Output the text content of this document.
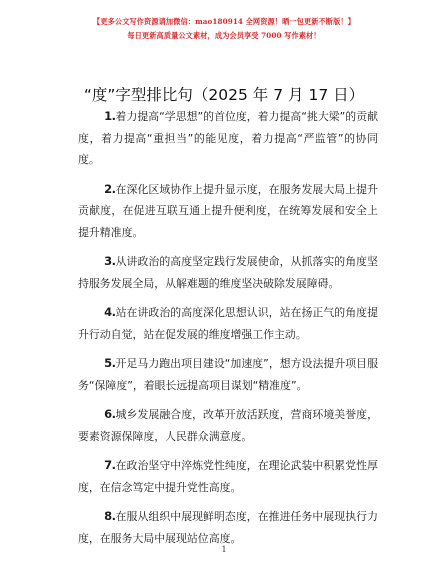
【更多公文写作资源请加微信：mao180914 全网资源！晒一包更新不断版！】
每日更新高质量公文素材，成为会员享受 7000 写作素材！
“度”字型排比句（2025 年 7 月 17 日）

1.着力提高“学思想”的首位度，着力提高“挑大梁”的贡献度，着力提高“重担当”的能见度，着力提高“严监管”的协同度。

2.在深化区域协作上提升显示度，在服务发展大局上提升贡献度，在促进互联互通上提升便利度，在统筹发展和安全上提升精准度。

3.从讲政治的高度坚定践行发展使命，从抓落实的角度坚持服务发展全局，从解难题的维度坚决破除发展障碍。

4.站在讲政治的高度深化思想认识，站在扬正气的角度提升行动自觉，站在促发展的维度增强工作主动。

5.开足马力跑出项目建设“加速度”，想方设法提升项目服务“保障度”，着眼长远提高项目谋划“精准度”。

6.城乡发展融合度，改革开放活跃度，营商环境美誉度，要素资源保障度，人民群众满意度。

7.在政治坚守中淬炼党性纯度，在理论武装中积累党性厚度，在信念笃定中提升党性高度。

8.在服从组织中展现鲜明态度，在推进任务中展现执行力度，在服务大局中展现站位高度。

1
